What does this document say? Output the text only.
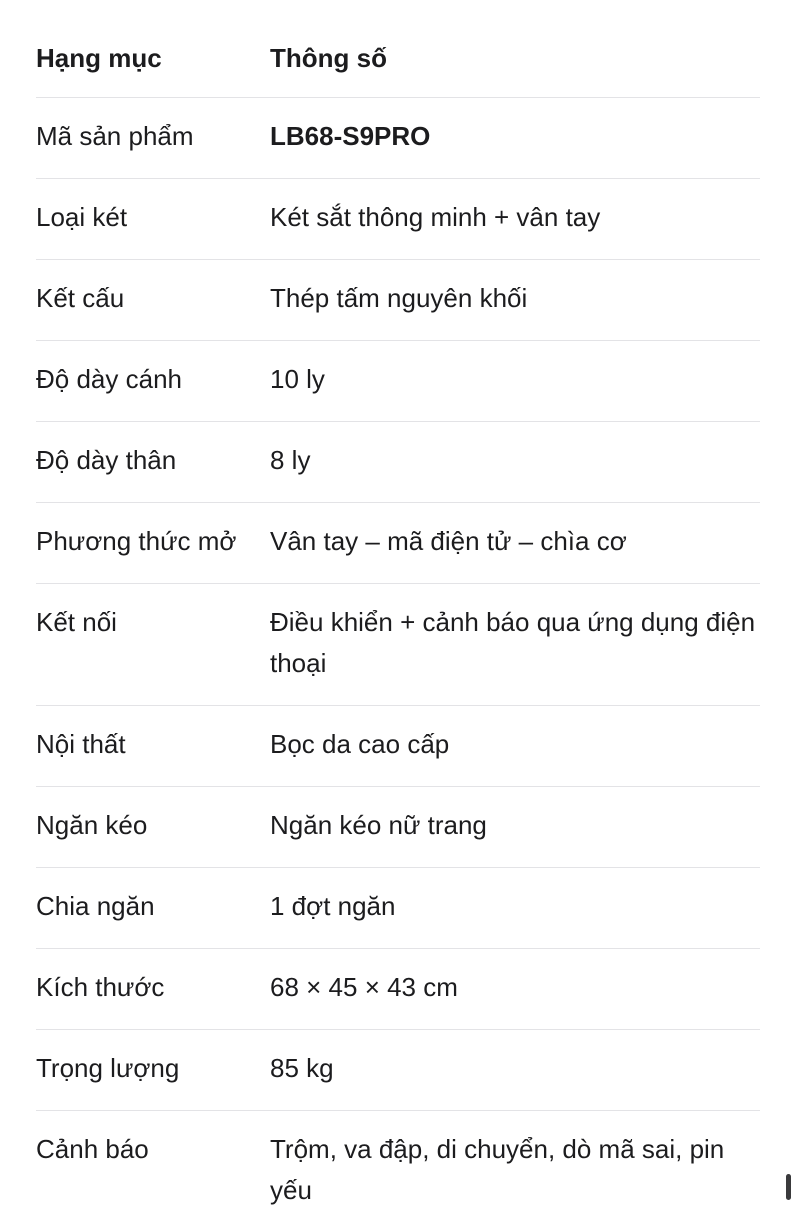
Hạng mục	Thông số
Mã sản phẩm	LB68-S9PRO
Loại két	Két sắt thông minh + vân tay
Kết cấu	Thép tấm nguyên khối
Độ dày cánh	10 ly
Độ dày thân	8 ly
Phương thức mở	Vân tay – mã điện tử – chìa cơ
Kết nối	Điều khiển + cảnh báo qua ứng dụng điện thoại
Nội thất	Bọc da cao cấp
Ngăn kéo	Ngăn kéo nữ trang
Chia ngăn	1 đợt ngăn
Kích thước	68 × 45 × 43 cm
Trọng lượng	85 kg
Cảnh báo	Trộm, va đập, di chuyển, dò mã sai, pin yếu
